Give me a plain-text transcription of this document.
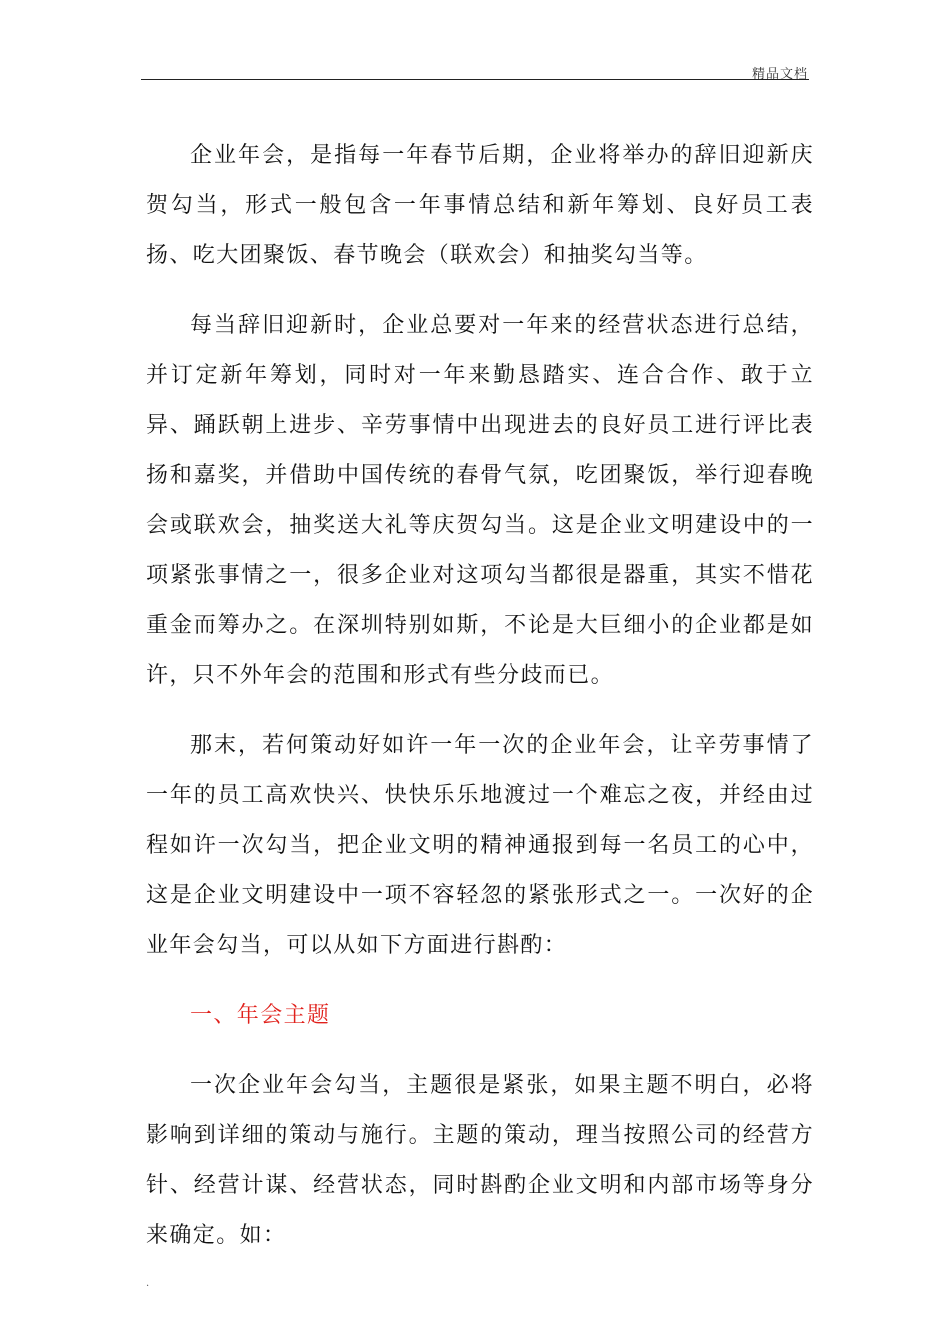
精品文档

企业年会，是指每一年春节后期，企业将举办的辞旧迎新庆贺勾当，形式一般包含一年事情总结和新年筹划、良好员工表扬、吃大团聚饭、春节晚会（联欢会）和抽奖勾当等。

每当辞旧迎新时，企业总要对一年来的经营状态进行总结，并订定新年筹划，同时对一年来勤恳踏实、连合合作、敢于立异、踊跃朝上进步、辛劳事情中出现进去的良好员工进行评比表扬和嘉奖，并借助中国传统的春骨气氛，吃团聚饭，举行迎春晚会或联欢会，抽奖送大礼等庆贺勾当。这是企业文明建设中的一项紧张事情之一，很多企业对这项勾当都很是器重，其实不惜花重金而筹办之。在深圳特别如斯，不论是大巨细小的企业都是如许，只不外年会的范围和形式有些分歧而已。

那末，若何策动好如许一年一次的企业年会，让辛劳事情了一年的员工高欢快兴、快快乐乐地渡过一个难忘之夜，并经由过程如许一次勾当，把企业文明的精神通报到每一名员工的心中，这是企业文明建设中一项不容轻忽的紧张形式之一。一次好的企业年会勾当，可以从如下方面进行斟酌：

一、年会主题

一次企业年会勾当，主题很是紧张，如果主题不明白，必将影响到详细的策动与施行。主题的策动，理当按照公司的经营方针、经营计谋、经营状态，同时斟酌企业文明和内部市场等身分来确定。如：

.
